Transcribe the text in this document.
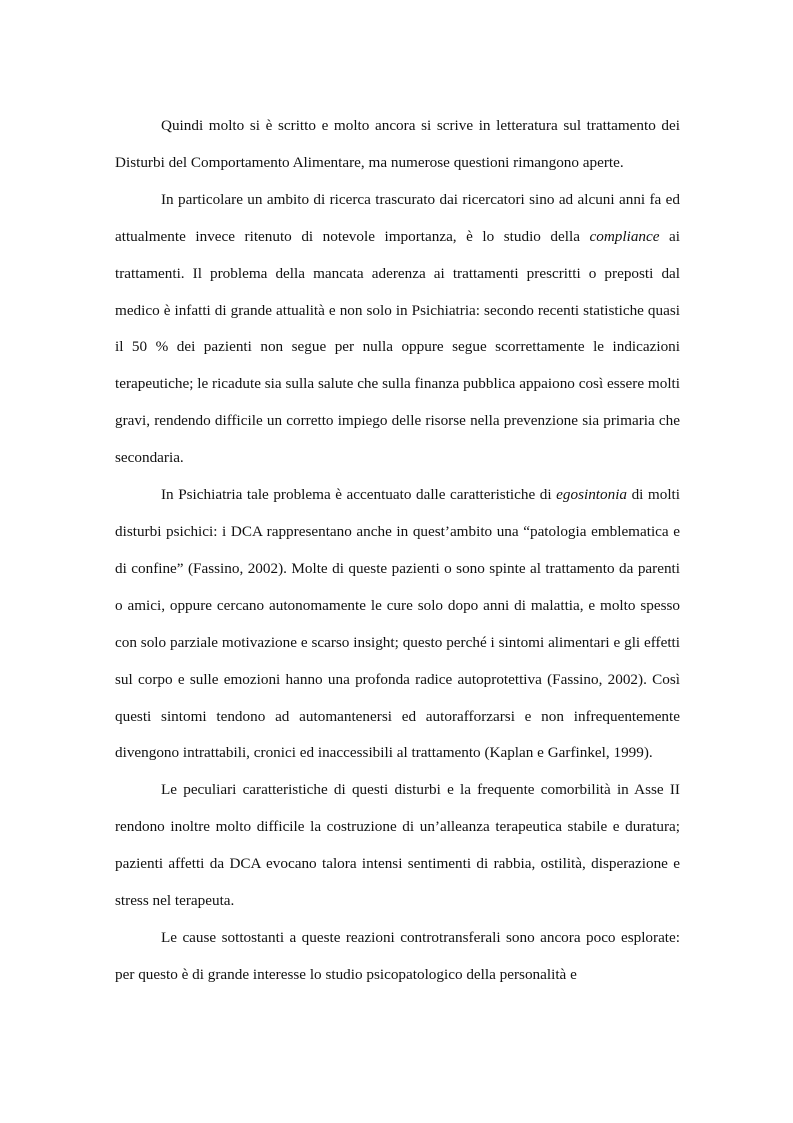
Quindi molto si è scritto e molto ancora si scrive in letteratura sul trattamento dei Disturbi del Comportamento Alimentare, ma numerose questioni rimangono aperte.

In particolare un ambito di ricerca trascurato dai ricercatori sino ad alcuni anni fa ed attualmente invece ritenuto di notevole importanza, è lo studio della compliance ai trattamenti. Il problema della mancata aderenza ai trattamenti prescritti o preposti dal medico è infatti di grande attualità e non solo in Psichiatria: secondo recenti statistiche quasi il 50 % dei pazienti non segue per nulla oppure segue scorrettamente le indicazioni terapeutiche; le ricadute sia sulla salute che sulla finanza pubblica appaiono così essere molti gravi, rendendo difficile un corretto impiego delle risorse nella prevenzione sia primaria che secondaria.

In Psichiatria tale problema è accentuato dalle caratteristiche di egosintonia di molti disturbi psichici: i DCA rappresentano anche in quest’ambito una “patologia emblematica e di confine” (Fassino, 2002). Molte di queste pazienti o sono spinte al trattamento da parenti o amici, oppure cercano autonomamente le cure solo dopo anni di malattia, e molto spesso con solo parziale motivazione e scarso insight; questo perché i sintomi alimentari e gli effetti sul corpo e sulle emozioni hanno una profonda radice autoprotettiva (Fassino, 2002). Così questi sintomi tendono ad automantenersi ed autorafforzarsi e non infrequentemente divengono intrattabili, cronici ed inaccessibili al trattamento (Kaplan e Garfinkel, 1999).

Le peculiari caratteristiche di questi disturbi e la frequente comorbilità in Asse II rendono inoltre molto difficile la costruzione di un’alleanza terapeutica stabile e duratura; pazienti affetti da DCA evocano talora intensi sentimenti di rabbia, ostilità, disperazione e stress nel terapeuta.

Le cause sottostanti a queste reazioni controtransferali sono ancora poco esplorate: per questo è di grande interesse lo studio psicopatologico della personalità e
